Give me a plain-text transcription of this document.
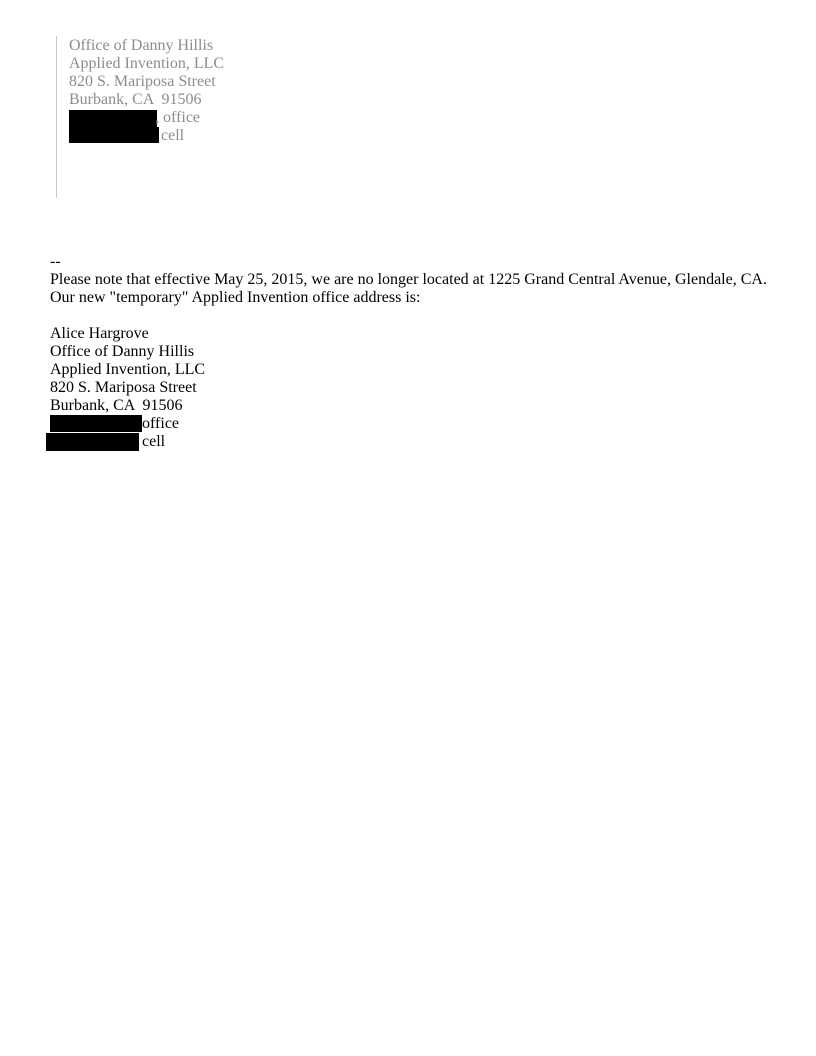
Office of Danny Hillis
Applied Invention, LLC
820 S. Mariposa Street
Burbank, CA  91506
, office
cell
--
Please note that effective May 25, 2015, we are no longer located at 1225 Grand Central Avenue, Glendale, CA. Our new "temporary" Applied Invention office address is:
Alice Hargrove
Office of Danny Hillis
Applied Invention, LLC
820 S. Mariposa Street
Burbank, CA  91506
office
cell
